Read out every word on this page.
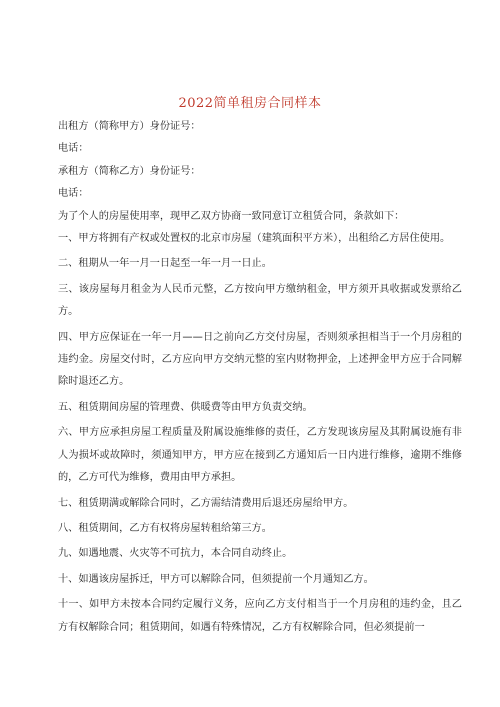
2022简单租房合同样本

出租方（简称甲方）身份证号：

电话：

承租方（简称乙方）身份证号：

电话：

为了个人的房屋使用率，现甲乙双方协商一致同意订立租赁合同，条款如下：

一、甲方将拥有产权或处置权的北京市房屋（建筑面积平方米），出租给乙方居住使用。

二、租期从一年一月一日起至一年一月一日止。

三、该房屋每月租金为人民币元整，乙方按向甲方缴纳租金，甲方须开具收据或发票给乙方。

四、甲方应保证在一年一月——日之前向乙方交付房屋，否则须承担相当于一个月房租的违约金。房屋交付时，乙方应向甲方交纳元整的室内财物押金，上述押金甲方应于合同解除时退还乙方。

五、租赁期间房屋的管理费、供暖费等由甲方负责交纳。

六、甲方应承担房屋工程质量及附属设施维修的责任，乙方发现该房屋及其附属设施有非人为损坏或故障时，须通知甲方，甲方应在接到乙方通知后一日内进行维修，逾期不维修的，乙方可代为维修，费用由甲方承担。

七、租赁期满或解除合同时，乙方需结清费用后退还房屋给甲方。

八、租赁期间，乙方有权将房屋转租给第三方。

九、如遇地震、火灾等不可抗力，本合同自动终止。

十、如遇该房屋拆迁，甲方可以解除合同，但须提前一个月通知乙方。

十一、如甲方未按本合同约定履行义务，应向乙方支付相当于一个月房租的违约金，且乙方有权解除合同；租赁期间，如遇有特殊情况，乙方有权解除合同，但必须提前一
